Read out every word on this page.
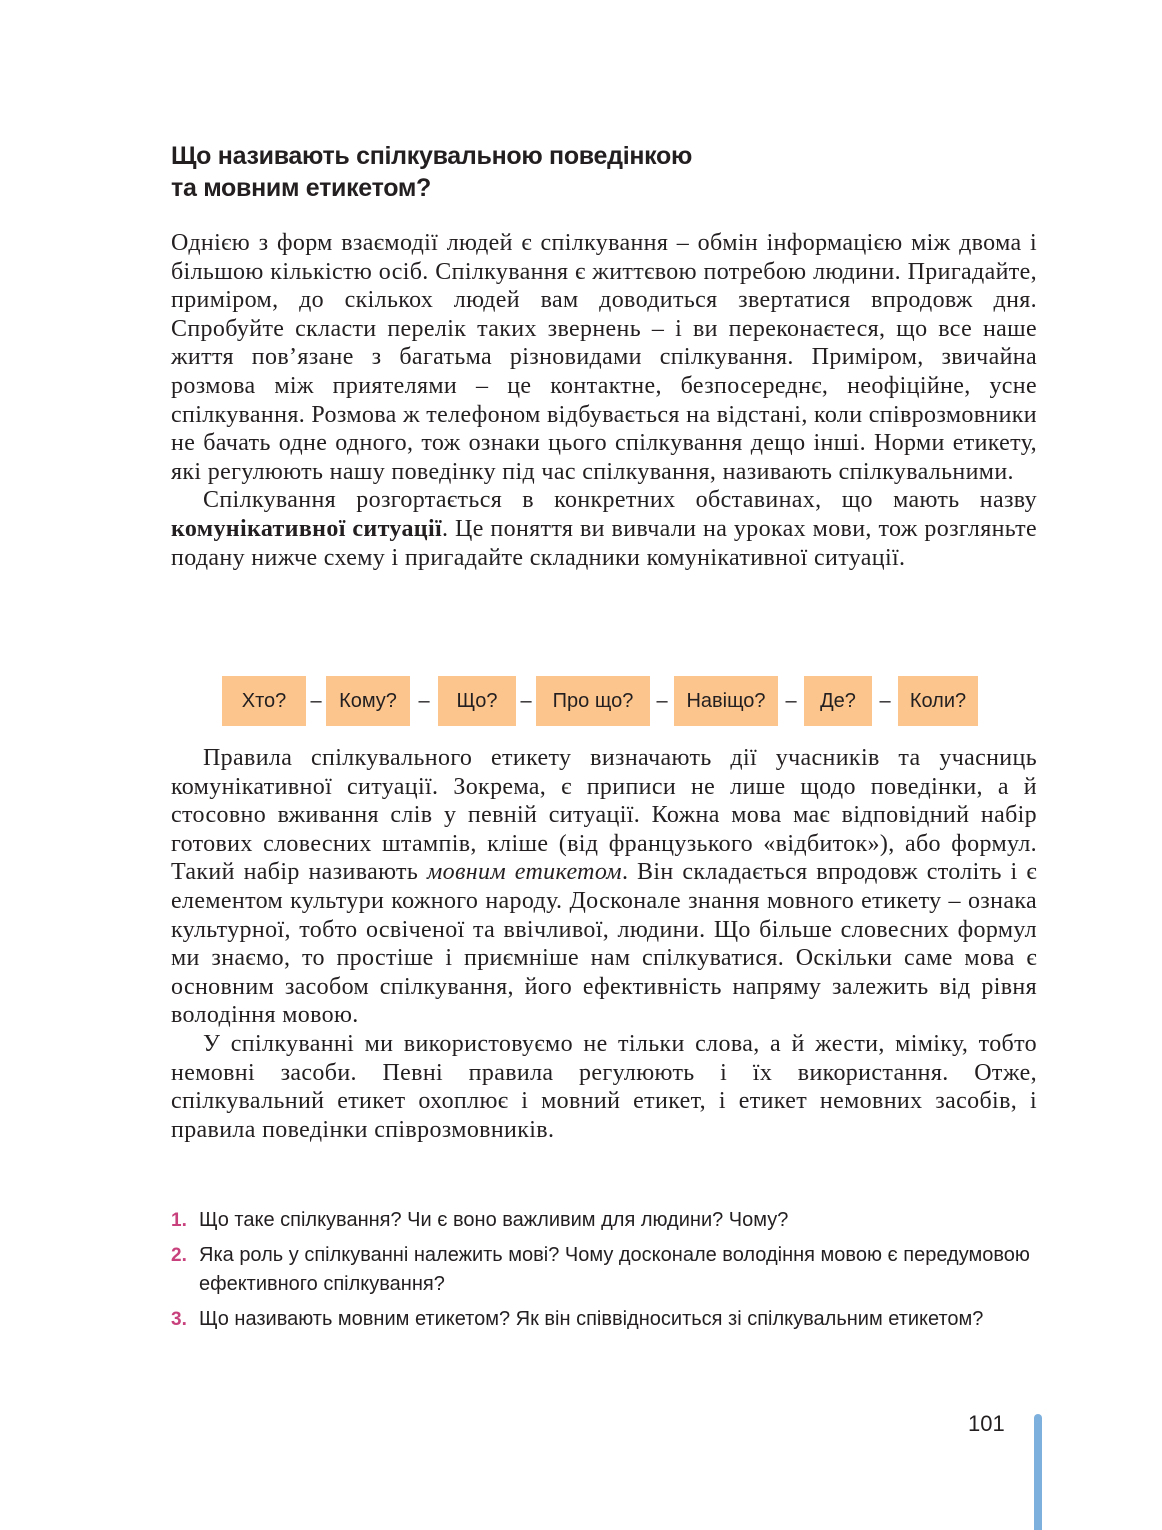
Що називають спілкувальною поведінкою
та мовним етикетом?

Однією з форм взаємодії людей є спілкування – обмін інформацією між двома і більшою кількістю осіб. Спілкування є життєвою потребою людини. Пригадайте, приміром, до скількох людей вам доводиться звертатися впродовж дня. Спробуйте скласти перелік таких звернень – і ви переконаєтеся, що все наше життя пов’язане з багатьма різновидами спілкування. Приміром, звичайна розмова між приятелями – це контактне, безпосереднє, неофіційне, усне спілкування. Розмова ж телефоном відбувається на відстані, коли співрозмовники не бачать одне одного, тож ознаки цього спілкування дещо інші. Норми етикету, які регулюють нашу поведінку під час спілкування, називають спілкувальними.

Спілкування розгортається в конкретних обставинах, що мають назву комунікативної ситуації. Це поняття ви вивчали на уроках мови, тож розгляньте подану нижче схему і пригадайте складники комунікативної ситуації.

Хто?	– Кому?	–	Що?	–	Про що?	– Навіщо? –	Де?	– Коли?

Правила спілкувального етикету визначають дії учасників та учасниць комунікативної ситуації. Зокрема, є приписи не лише щодо поведінки, а й стосовно вживання слів у певній ситуації. Кожна мова має відповідний набір готових словесних штампів, кліше (від французького «відбиток»), або формул. Такий набір називають мовним етикетом. Він складається впродовж століть і є елементом культури кожного народу. Досконале знання мовного етикету – ознака культурної, тобто освіченої та ввічливої, людини. Що більше словесних формул ми знаємо, то простіше і приємніше нам спілкуватися. Оскільки саме мова є основним засобом спілкування, його ефективність напряму залежить від рівня володіння мовою.

У спілкуванні ми використовуємо не тільки слова, а й жести, міміку, тобто немовні засоби. Певні правила регулюють і їх використання. Отже, спілкувальний етикет охоплює і мовний етикет, і етикет немовних засобів, і правила поведінки співрозмовників.

1. Що таке спілкування? Чи є воно важливим для людини? Чому?
2. Яка роль у спілкуванні належить мові? Чому досконале володіння мовою є передумовою ефективного спілкування?
3. Що називають мовним етикетом? Як він співвідноситься зі спілкувальним етикетом?
101
